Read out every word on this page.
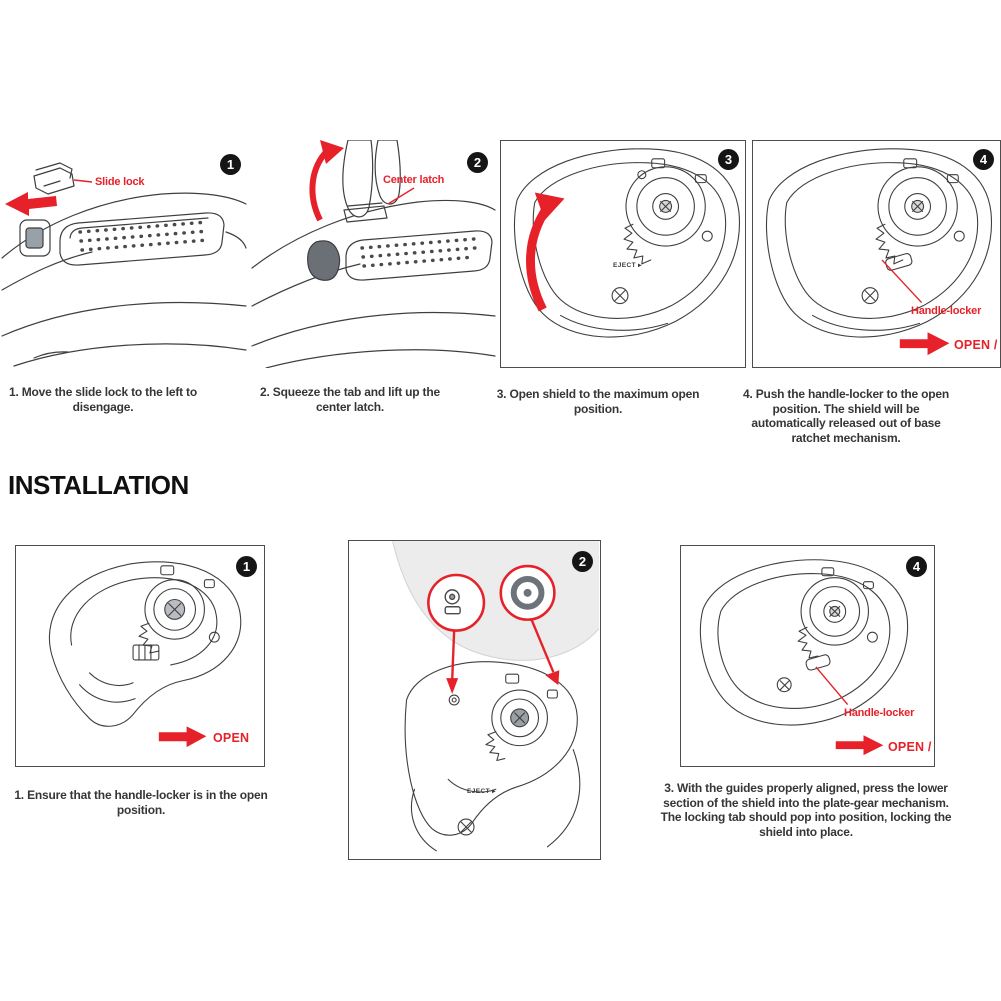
Slide lock
1
Center latch
2
EJECT ▸
3
Handle-locker
OPEN /
4

1. Move the slide lock to the left to disengage.

2. Squeeze the tab and lift up the center latch.

3. Open shield to the maximum open position.

4. Push the handle-locker to the open position. The shield will be automatically released out of base ratchet mechanism.

INSTALLATION
OPEN
1
EJECT ▸
2
Handle-locker
OPEN /
4

1. Ensure that the handle-locker is in the open position.

3. With the guides properly aligned, press the lower section of the shield into the plate-gear mechanism. The locking tab should pop into position, locking the shield into place.
